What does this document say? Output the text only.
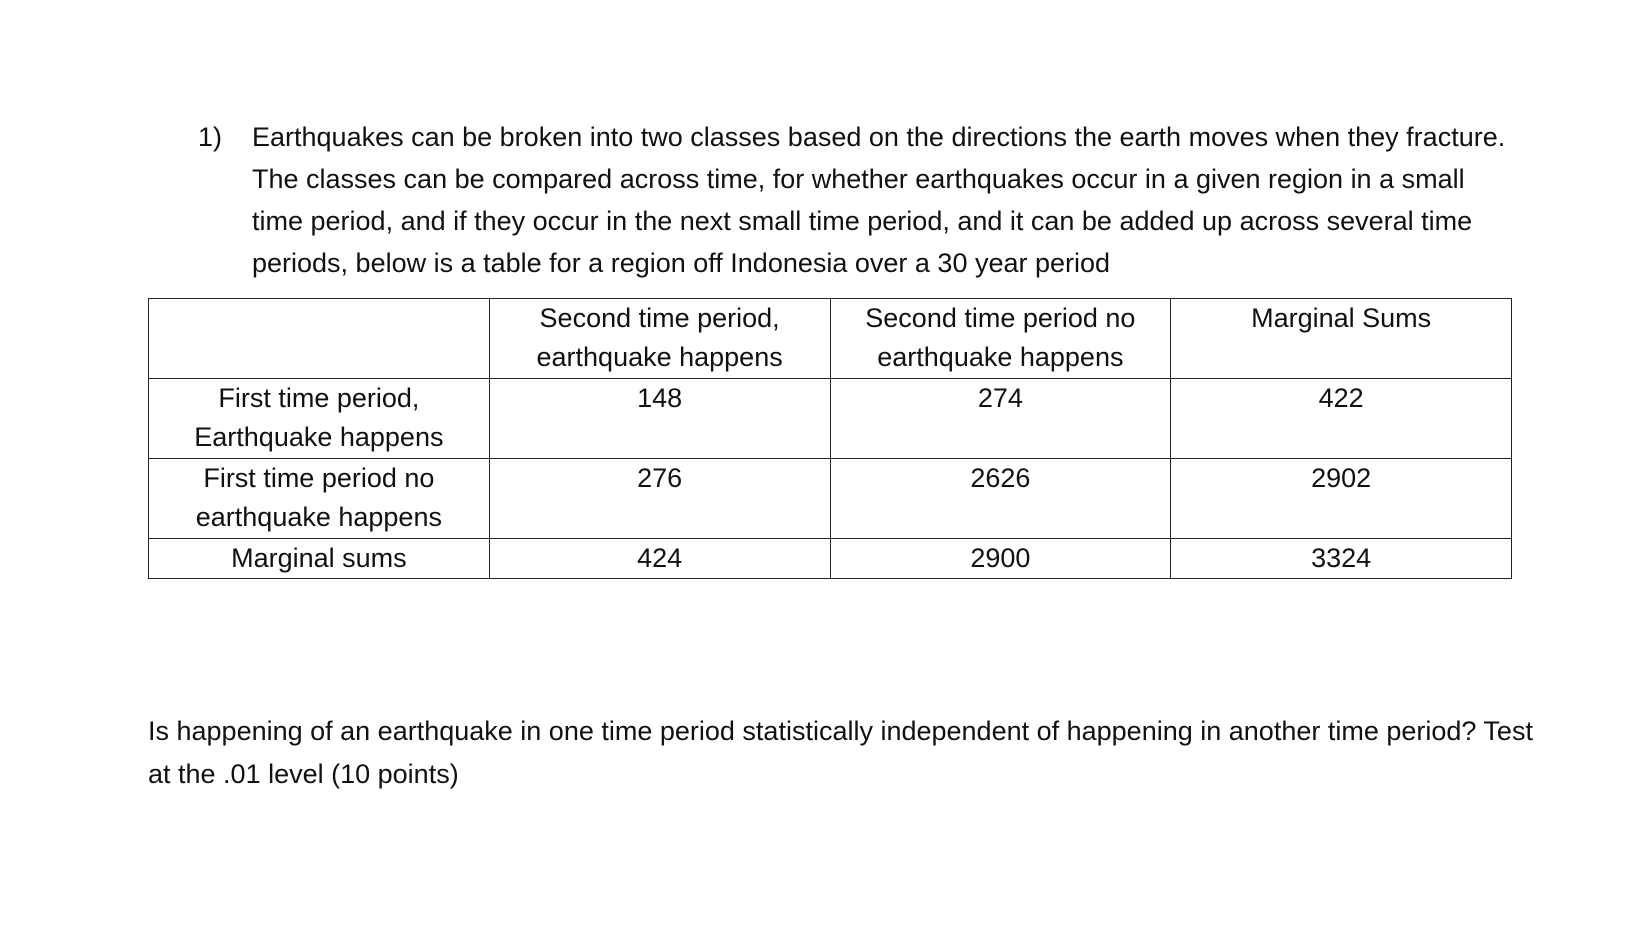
1)	Earthquakes can be broken into two classes based on the directions the earth moves when they fracture. The classes can be compared across time, for whether earthquakes occur in a given region in a small time period, and if they occur in the next small time period, and it can be added up across several time periods, below is a table for a region off Indonesia over a 30 year period
	Second time period, earthquake happens	Second time period no earthquake happens	Marginal Sums
First time period, Earthquake happens	148	274	422
First time period no earthquake happens	276	2626	2902
Marginal sums	424	2900	3324
Is happening of an earthquake in one time period statistically independent of happening in another time period? Test at the .01 level (10 points)
